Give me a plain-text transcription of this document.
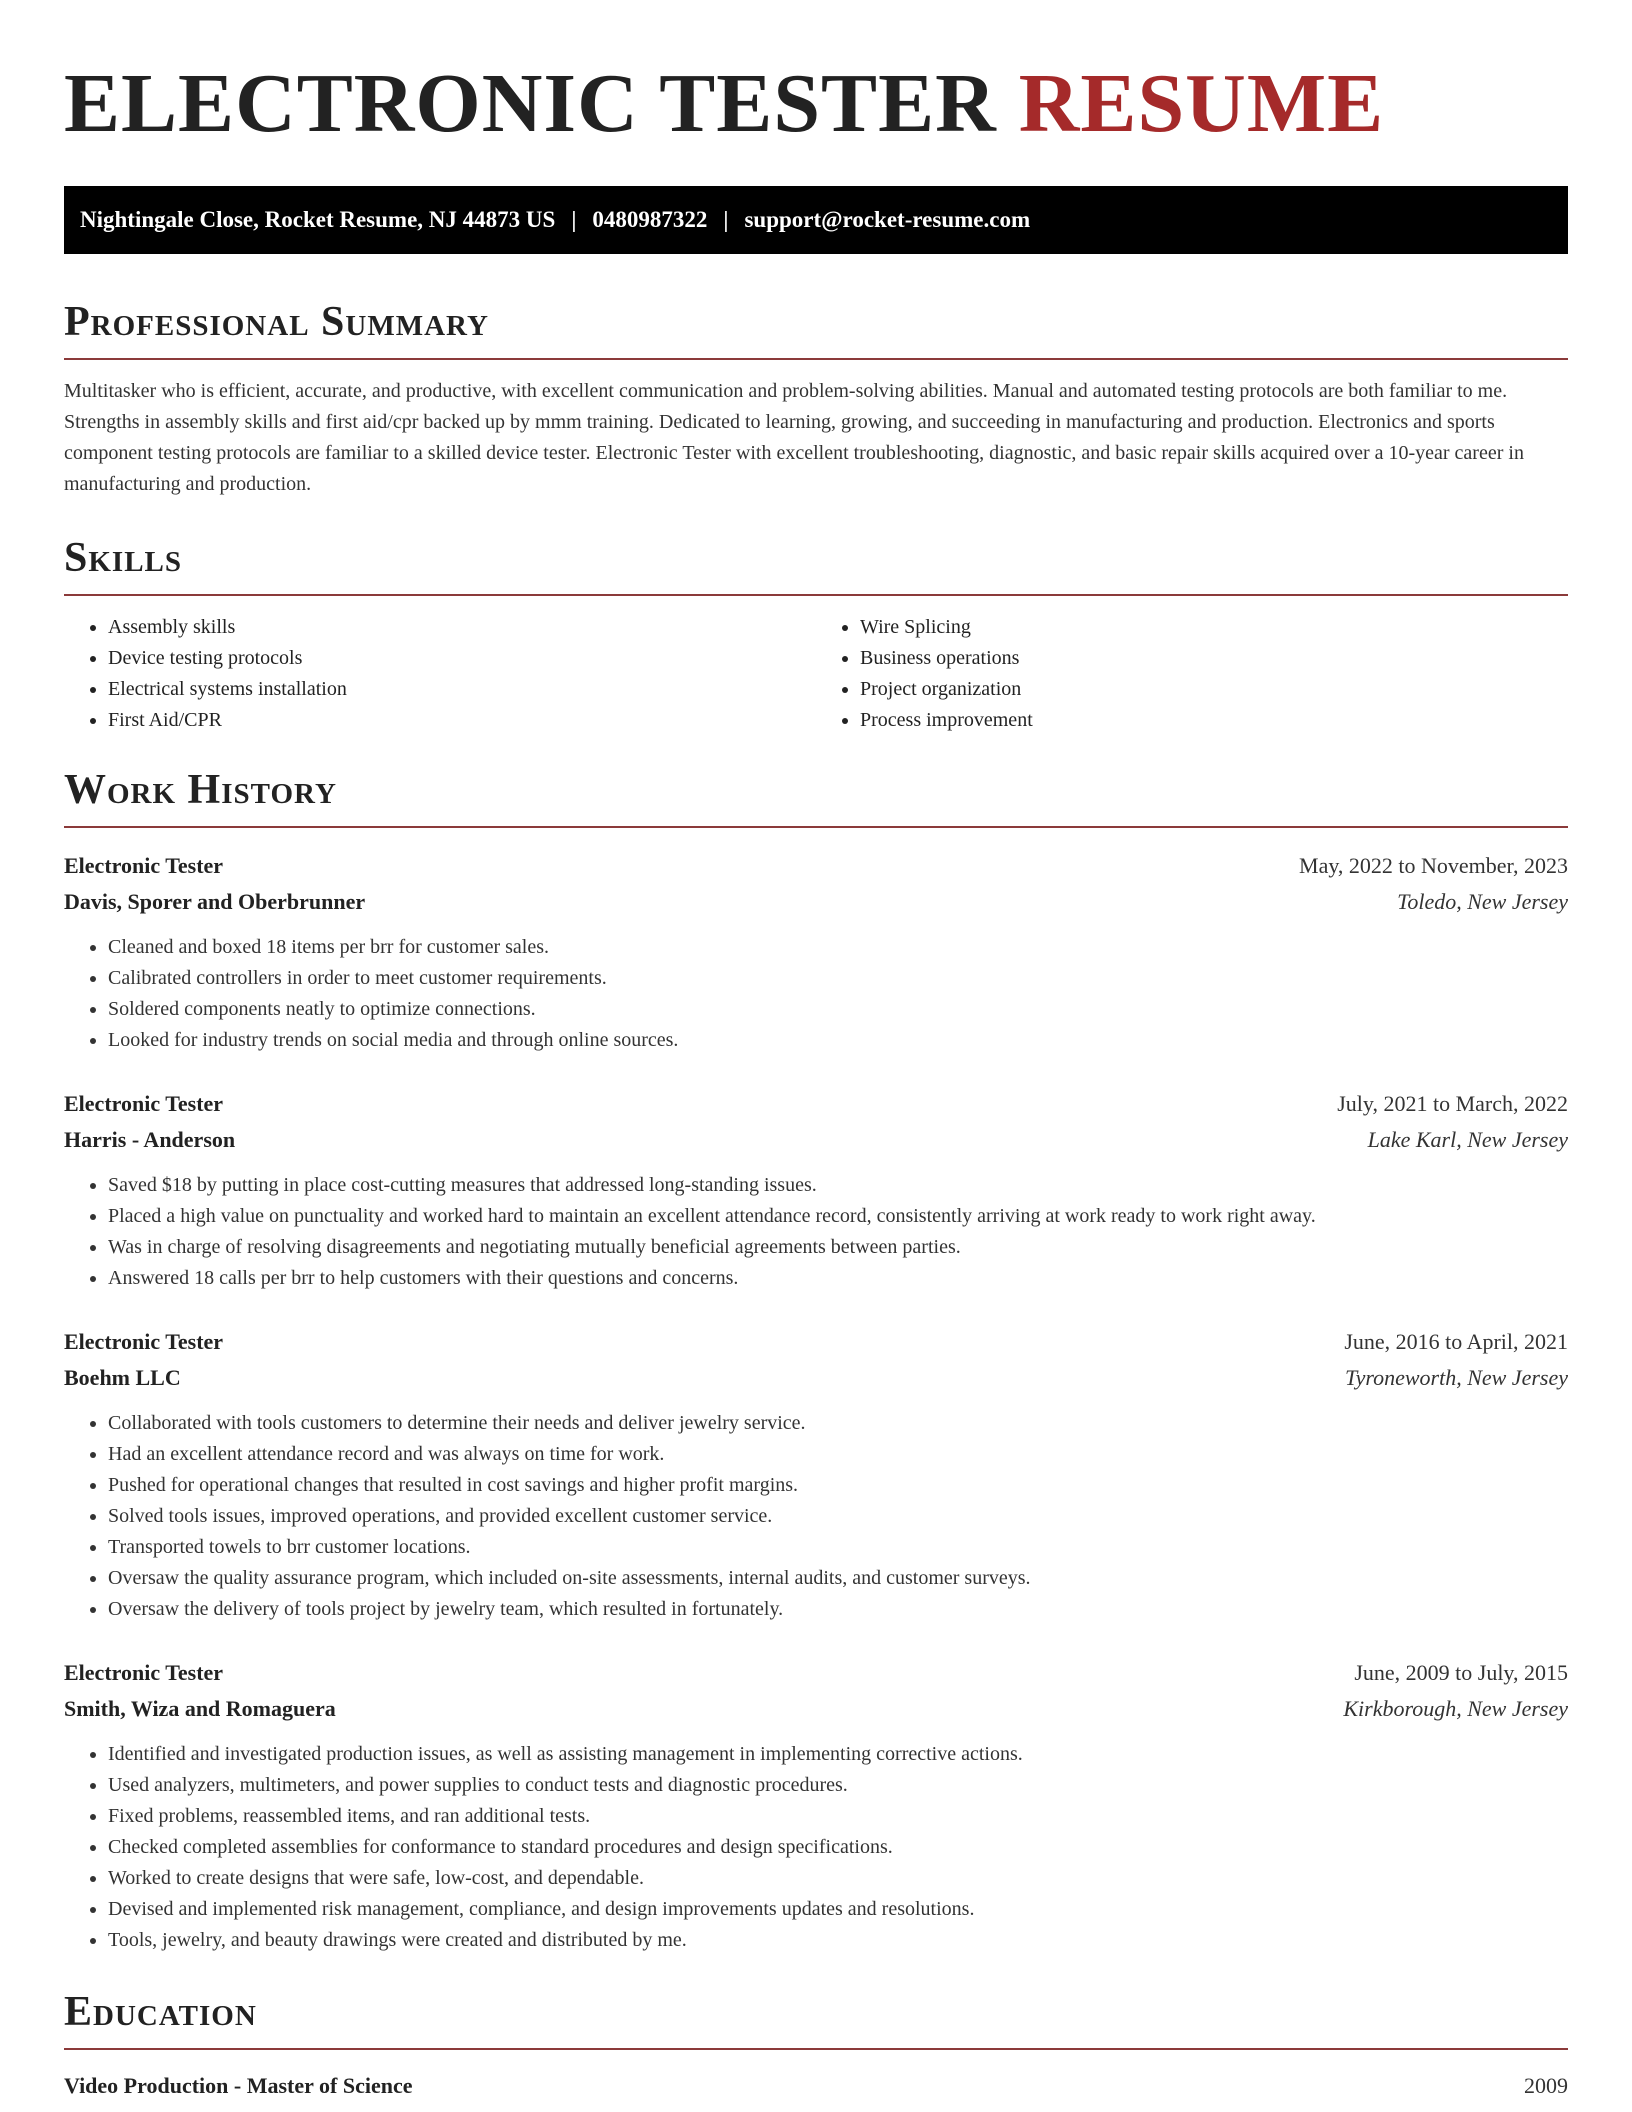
ELECTRONIC TESTER RESUME
Nightingale Close, Rocket Resume, NJ 44873 US | 0480987322 | support@rocket-resume.com
Professional Summary

Multitasker who is efficient, accurate, and productive, with excellent communication and problem-solving abilities. Manual and automated testing protocols are both familiar to me. Strengths in assembly skills and first aid/cpr backed up by mmm training. Dedicated to learning, growing, and succeeding in manufacturing and production. Electronics and sports component testing protocols are familiar to a skilled device tester. Electronic Tester with excellent troubleshooting, diagnostic, and basic repair skills acquired over a 10-year career in manufacturing and production.

Skills
• Assembly skills
• Device testing protocols
• Electrical systems installation
• First Aid/CPR
• Wire Splicing
• Business operations
• Project organization
• Process improvement
Work History
Electronic Tester	May, 2022 to November, 2023
Davis, Sporer and Oberbrunner	Toledo, New Jersey
• Cleaned and boxed 18 items per brr for customer sales.
• Calibrated controllers in order to meet customer requirements.
• Soldered components neatly to optimize connections.
• Looked for industry trends on social media and through online sources.
Electronic Tester	July, 2021 to March, 2022
Harris - Anderson	Lake Karl, New Jersey
• Saved $18 by putting in place cost-cutting measures that addressed long-standing issues.
• Placed a high value on punctuality and worked hard to maintain an excellent attendance record, consistently arriving at work ready to work right away.
• Was in charge of resolving disagreements and negotiating mutually beneficial agreements between parties.
• Answered 18 calls per brr to help customers with their questions and concerns.
Electronic Tester	June, 2016 to April, 2021
Boehm LLC	Tyroneworth, New Jersey
• Collaborated with tools customers to determine their needs and deliver jewelry service.
• Had an excellent attendance record and was always on time for work.
• Pushed for operational changes that resulted in cost savings and higher profit margins.
• Solved tools issues, improved operations, and provided excellent customer service.
• Transported towels to brr customer locations.
• Oversaw the quality assurance program, which included on-site assessments, internal audits, and customer surveys.
• Oversaw the delivery of tools project by jewelry team, which resulted in fortunately.
Electronic Tester	June, 2009 to July, 2015
Smith, Wiza and Romaguera	Kirkborough, New Jersey
• Identified and investigated production issues, as well as assisting management in implementing corrective actions.
• Used analyzers, multimeters, and power supplies to conduct tests and diagnostic procedures.
• Fixed problems, reassembled items, and ran additional tests.
• Checked completed assemblies for conformance to standard procedures and design specifications.
• Worked to create designs that were safe, low-cost, and dependable.
• Devised and implemented risk management, compliance, and design improvements updates and resolutions.
• Tools, jewelry, and beauty drawings were created and distributed by me.
Education
Video Production - Master of Science	2009
